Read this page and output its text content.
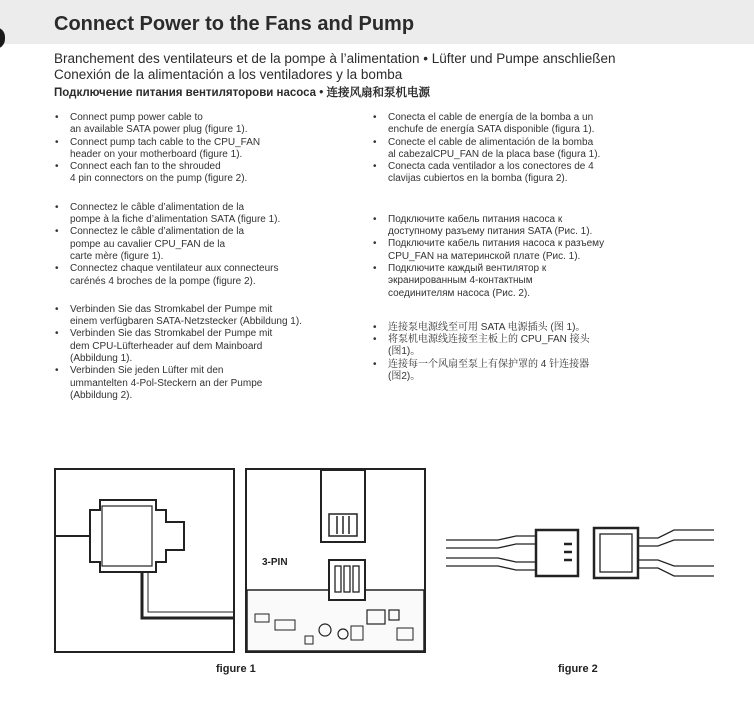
Connect Power to the Fans and Pump
Branchement des ventilateurs et de la pompe à l’alimentation • Lüfter und Pumpe anschließen
Conexión de la alimentación a los ventiladores y la bomba
Подключение питания вентиляторови насоса • 连接风扇和泵机电源
• Connect pump power cable to
an available SATA power plug (figure 1).
• Connect pump tach cable to the CPU_FAN
header on your motherboard (figure 1).
• Connect each fan to the shrouded
4 pin connectors on the pump (figure 2).
• Connectez le câble d’alimentation de la
pompe à la fiche d’alimentation SATA (figure 1).
• Connectez le câble d’alimentation de la
pompe au cavalier CPU_FAN de la
carte mère (figure 1).
• Connectez chaque ventilateur aux connecteurs
carénés 4 broches de la pompe (figure 2).
• Verbinden Sie das Stromkabel der Pumpe mit
einem verfügbaren SATA-Netzstecker (Abbildung 1).
• Verbinden Sie das Stromkabel der Pumpe mit
dem CPU-Lüfterheader auf dem Mainboard
(Abbildung 1).
• Verbinden Sie jeden Lüfter mit den
ummantelten 4-Pol-Steckern an der Pumpe
(Abbildung 2).
• Conecta el cable de energía de la bomba a un
enchufe de energía SATA disponible (figura 1).
• Conecte el cable de alimentación de la bomba
al cabezalCPU_FAN de la placa base (figura 1).
• Conecta cada ventilador a los conectores de 4
clavijas cubiertos en la bomba (figura 2).
• Подключите кабель питания насоса к
доступному разъему питания SATA (Рис. 1).
• Подключите кабель питания насоса к разъему
CPU_FAN на материнской плате (Рис. 1).
• Подключите каждый вентилятор к
экранированным 4-контактным
соединителям насоса (Рис. 2).
• 连接泵电源线至可用 SATA 电源插头 (图 1)。
• 将泵机电源线连接至主板上的 CPU_FAN 接头
(图1)。
• 连接每一个风扇至泵上有保护罩的 4 针连接器
(图2)。
3-PIN
figure 1	figure 2
